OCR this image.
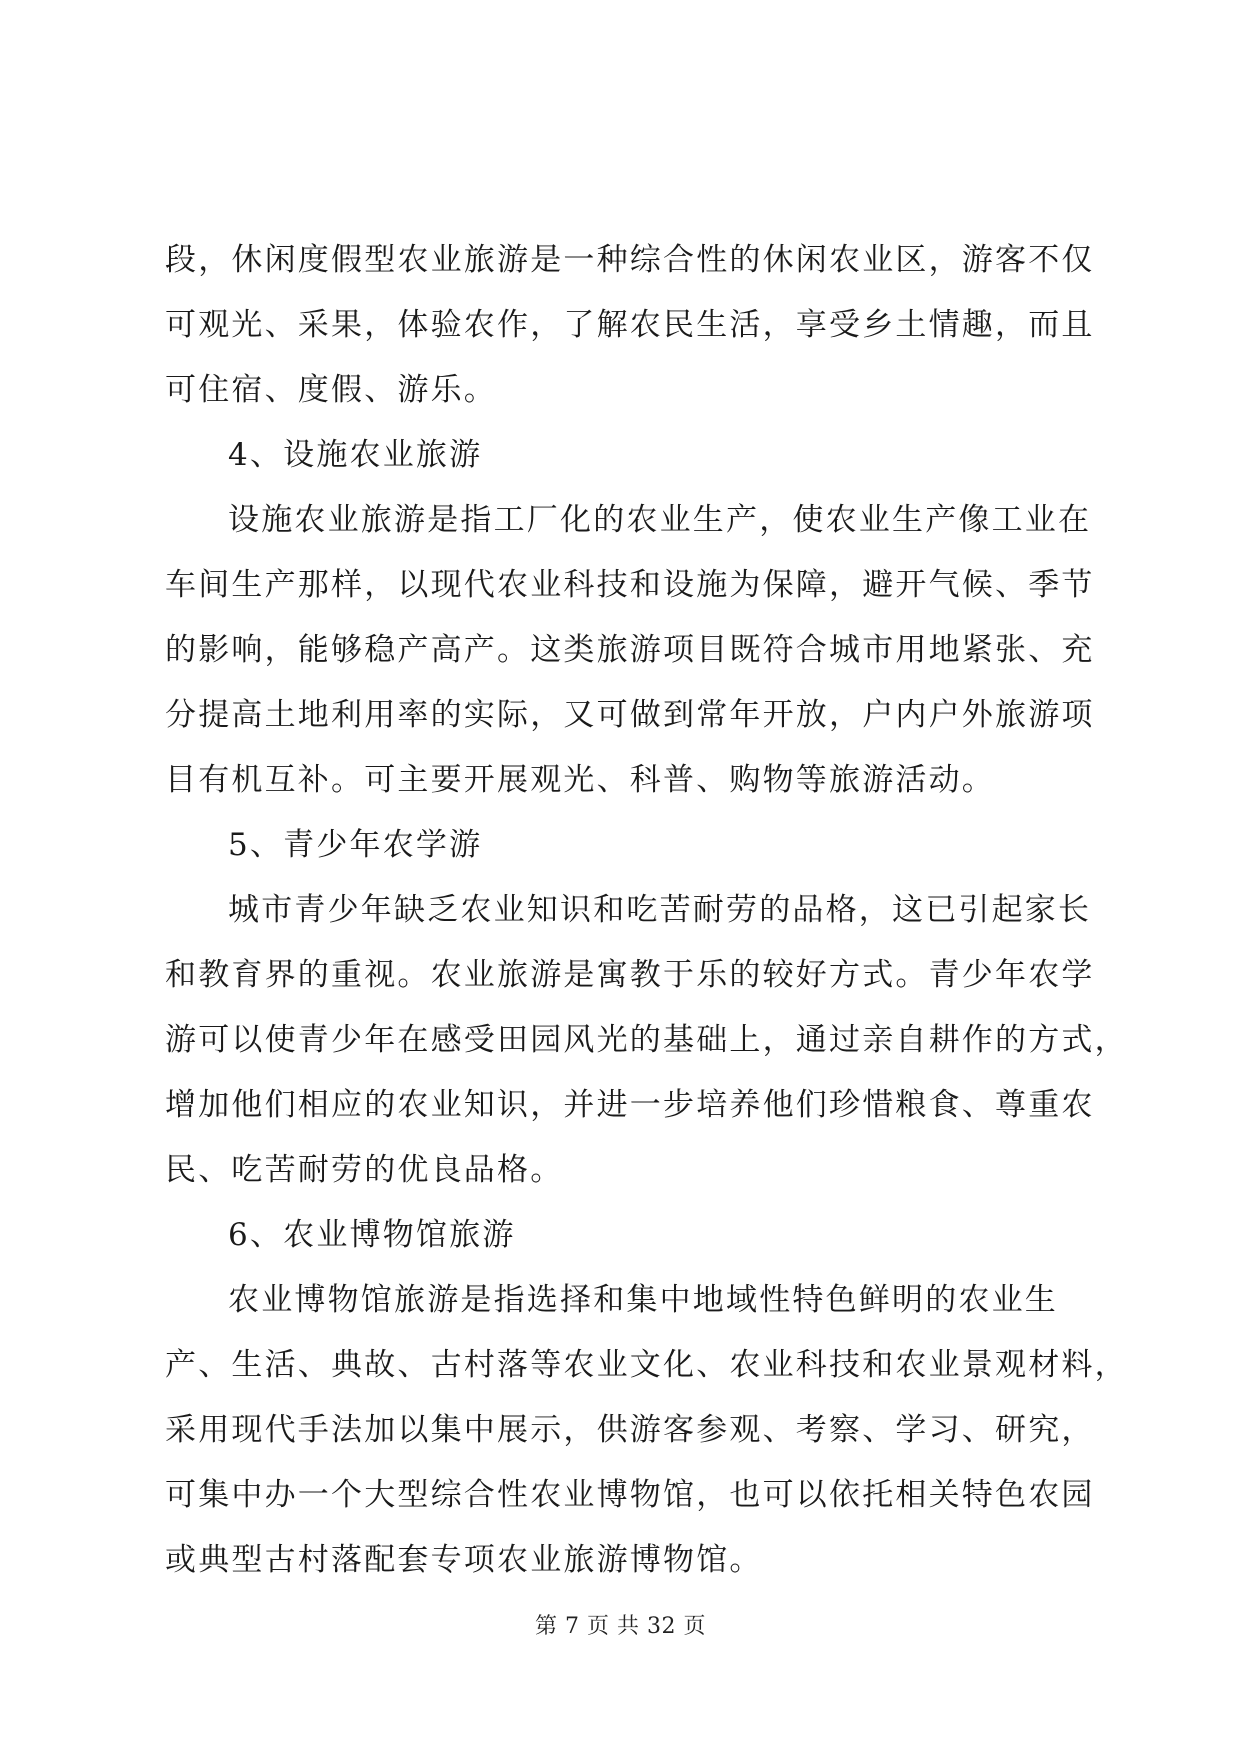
段，休闲度假型农业旅游是一种综合性的休闲农业区，游客不仅
可观光、采果，体验农作，了解农民生活，享受乡土情趣，而且
可住宿、度假、游乐。
4、设施农业旅游
设施农业旅游是指工厂化的农业生产，使农业生产像工业在
车间生产那样，以现代农业科技和设施为保障，避开气候、季节
的影响，能够稳产高产。这类旅游项目既符合城市用地紧张、充
分提高土地利用率的实际，又可做到常年开放，户内户外旅游项
目有机互补。可主要开展观光、科普、购物等旅游活动。
5、青少年农学游
城市青少年缺乏农业知识和吃苦耐劳的品格，这已引起家长
和教育界的重视。农业旅游是寓教于乐的较好方式。青少年农学
游可以使青少年在感受田园风光的基础上，通过亲自耕作的方式，
增加他们相应的农业知识，并进一步培养他们珍惜粮食、尊重农
民、吃苦耐劳的优良品格。
6、农业博物馆旅游
农业博物馆旅游是指选择和集中地域性特色鲜明的农业生
产、生活、典故、古村落等农业文化、农业科技和农业景观材料，
采用现代手法加以集中展示，供游客参观、考察、学习、研究，
可集中办一个大型综合性农业博物馆，也可以依托相关特色农园
或典型古村落配套专项农业旅游博物馆。
第 7 页 共 32 页
